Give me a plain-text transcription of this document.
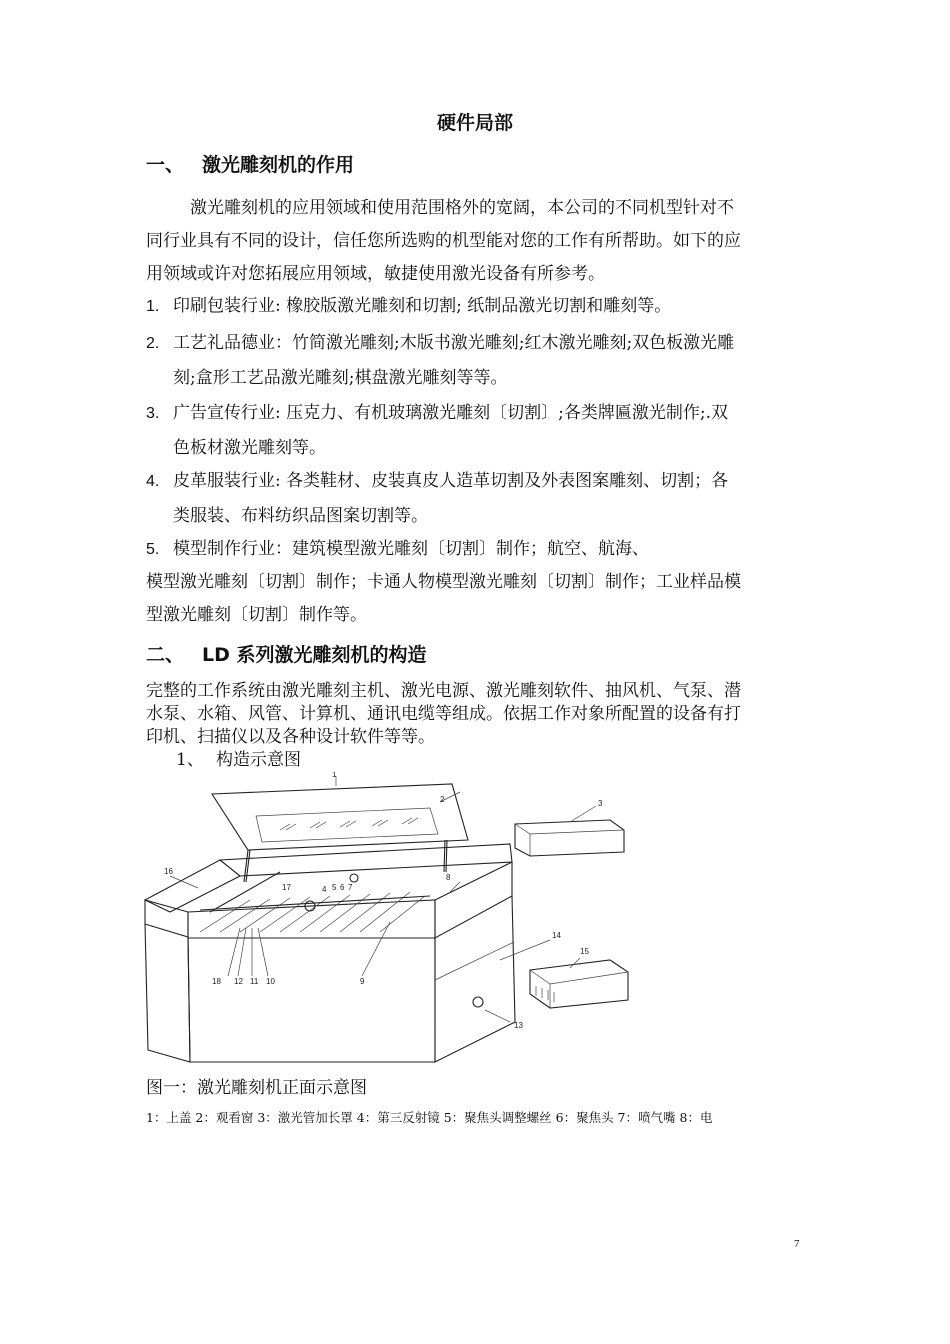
硬件局部
一、 激光雕刻机的作用
激光雕刻机的应用领域和使用范围格外的宽阔，本公司的不同机型针对不
同行业具有不同的设计，信任您所选购的机型能对您的工作有所帮助。如下的应
用领域或许对您拓展应用领域，敏捷使用激光设备有所参考。
1. 印刷包装行业: 橡胶版激光雕刻和切割; 纸制品激光切割和雕刻等。
2. 工艺礼品德业：竹简激光雕刻;木版书激光雕刻;红木激光雕刻;双色板激光雕
刻;盒形工艺品激光雕刻;棋盘激光雕刻等等。
3. 广告宣传行业: 压克力、有机玻璃激光雕刻〔切割〕;各类牌匾激光制作;.双
色板材激光雕刻等。
4. 皮革服装行业: 各类鞋材、皮装真皮人造革切割及外表图案雕刻、切割；各
类服装、布料纺织品图案切割等。
5. 模型制作行业：建筑模型激光雕刻〔切割〕制作；航空、航海、
模型激光雕刻〔切割〕制作；卡通人物模型激光雕刻〔切割〕制作；工业样品模
型激光雕刻〔切割〕制作等。
二、 LD 系列激光雕刻机的构造
完整的工作系统由激光雕刻主机、激光电源、激光雕刻软件、抽风机、气泵、潜
水泵、水箱、风管、计算机、通讯电缆等组成。依据工作对象所配置的设备有打
印机、扫描仪以及各种设计软件等等。
1、 构造示意图
1
2	3
4 5 6 7
8
9
10
11
12
13
14
15
16
17
18
图一：激光雕刻机正面示意图
1：上盖 2：观看窗 3：激光管加长罩 4：第三反射镜 5：聚焦头调整螺丝 6：聚焦头 7：喷气嘴 8：电
7
